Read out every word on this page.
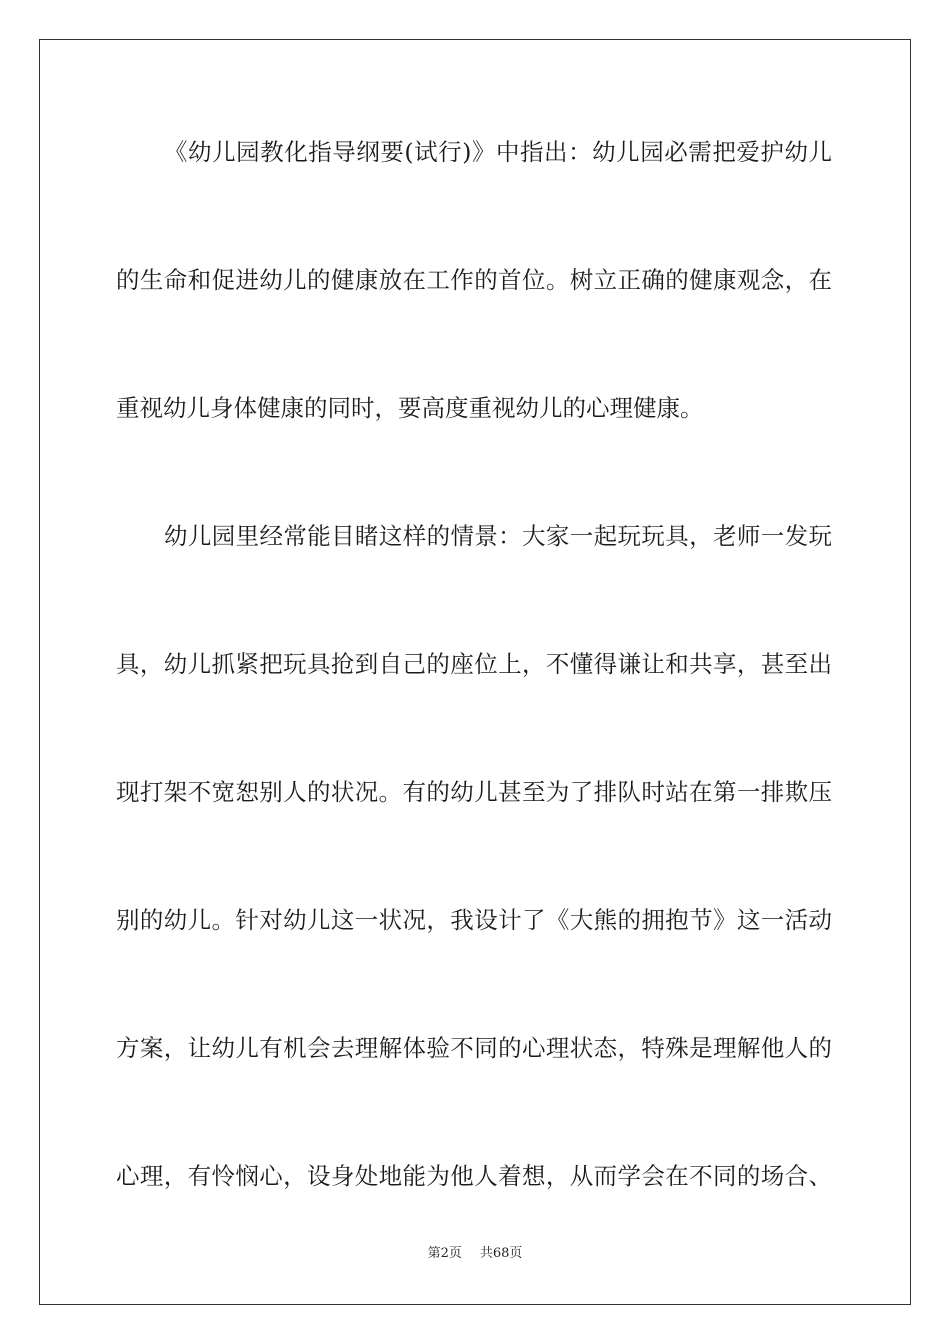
《幼儿园教化指导纲要(试行)》中指出：幼儿园必需把爱护幼儿
的生命和促进幼儿的健康放在工作的首位。树立正确的健康观念，在
重视幼儿身体健康的同时，要高度重视幼儿的心理健康。
幼儿园里经常能目睹这样的情景：大家一起玩玩具，老师一发玩
具，幼儿抓紧把玩具抢到自己的座位上，不懂得谦让和共享，甚至出
现打架不宽恕别人的状况。有的幼儿甚至为了排队时站在第一排欺压
别的幼儿。针对幼儿这一状况，我设计了《大熊的拥抱节》这一活动
方案，让幼儿有机会去理解体验不同的心理状态，特殊是理解他人的
心理，有怜悯心，设身处地能为他人着想，从而学会在不同的场合、
第2页 共68页
